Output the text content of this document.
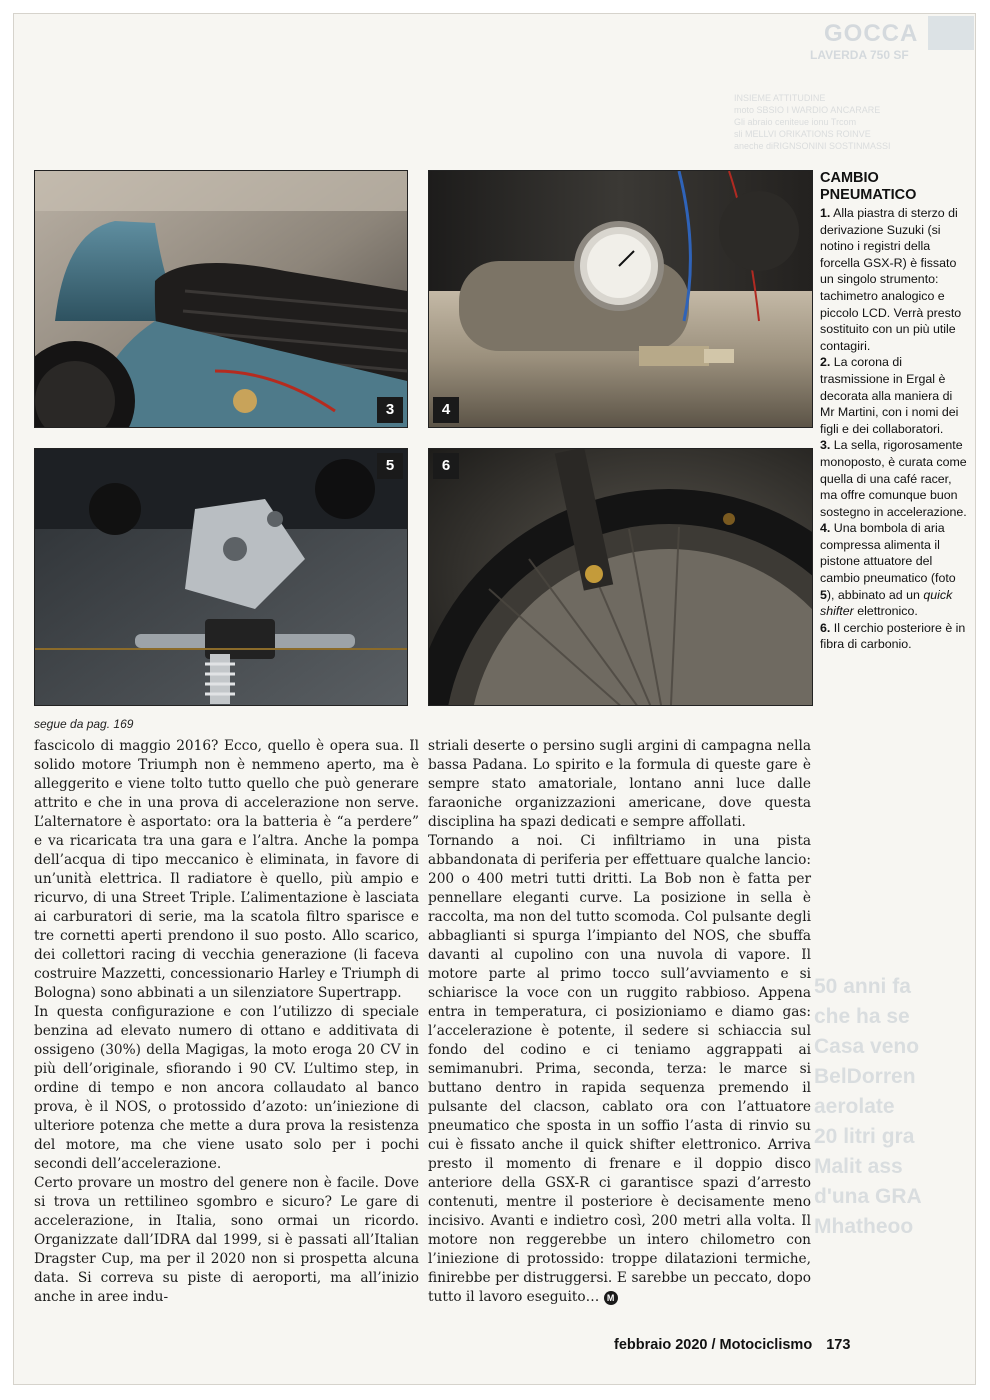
GOCCA
LAVERDA 750 SF
INSIEME ATTITUDINE
moto SBSIO I WARDIO ANCARARE
Gli abraio ceniteue ionu Trcom
sli MELLVI ORIKATIONS ROINVE
aneche diRIGNSONINI SOSTINMASSI
50 anni fa
che ha se
Casa veno
BelDorren
aerolate
20 litri gra
Malit ass
d'una GRA
Mhatheoo
3	4
5	6
CAMBIO
PNEUMATICO

1. Alla piastra di sterzo di derivazione Suzuki (si notino i registri della forcella GSX-R) è fissato un singolo strumento: tachimetro analogico e piccolo LCD. Verrà presto sostituito con un più utile contagiri.

2. La corona di trasmissione in Ergal è decorata alla maniera di Mr Martini, con i nomi dei figli e dei collaboratori.

3. La sella, rigorosamente monoposto, è curata come quella di una café racer, ma offre comunque buon sostegno in accelerazione.

4. Una bombola di aria compressa alimenta il pistone attuatore del cambio pneumatico (foto 5), abbinato ad un quick shifter elettronico.

6. Il cerchio posteriore è in fibra di carbonio.

segue da pag. 169

fascicolo di maggio 2016? Ecco, quello è opera sua. Il solido motore Triumph non è nemmeno aperto, ma è alleggerito e viene tolto tutto quello che può generare attrito e che in una prova di accelerazione non serve. L’alternatore è asportato: ora la batteria è “a perdere” e va ricaricata tra una gara e l’altra. Anche la pompa dell’acqua di tipo meccanico è eliminata, in favore di un’unità elettrica. Il radiatore è quello, più ampio e ricurvo, di una Street Triple. L’alimentazione è lasciata ai carburatori di serie, ma la scatola filtro sparisce e tre cornetti aperti prendono il suo posto. Allo scarico, dei collettori racing di vecchia generazione (li faceva costruire Mazzetti, concessionario Harley e Triumph di Bologna) sono abbinati a un silenziatore Supertrapp.

In questa configurazione e con l’utilizzo di speciale benzina ad elevato numero di ottano e additivata di ossigeno (30%) della Magigas, la moto eroga 20 CV in più dell’originale, sfiorando i 90 CV. L’ultimo step, in ordine di tempo e non ancora collaudato al banco prova, è il NOS, o protossido d’azoto: un’iniezione di ulteriore potenza che mette a dura prova la resistenza del motore, ma che viene usato solo per i pochi secondi dell’accelerazione.

Certo provare un mostro del genere non è facile. Dove si trova un rettilineo sgombro e sicuro? Le gare di accelerazione, in Italia, sono ormai un ricordo. Organizzate dall’IDRA dal 1999, si è passati all’Italian Dragster Cup, ma per il 2020 non si prospetta alcuna data. Si correva su piste di aeroporti, ma all’inizio anche in aree indu-

striali deserte o persino sugli argini di campagna nella bassa Padana. Lo spirito e la formula di queste gare è sempre stato amatoriale, lontano anni luce dalle faraoniche organizzazioni americane, dove questa disciplina ha spazi dedicati e sempre affollati.

Tornando a noi. Ci infiltriamo in una pista abbandonata di periferia per effettuare qualche lancio: 200 o 400 metri tutti dritti. La Bob non è fatta per pennellare eleganti curve. La posizione in sella è raccolta, ma non del tutto scomoda. Col pulsante degli abbaglianti si spurga l’impianto del NOS, che sbuffa davanti al cupolino con una nuvola di vapore. Il motore parte al primo tocco sull’avviamento e si schiarisce la voce con un ruggito rabbioso. Appena entra in temperatura, ci posizioniamo e diamo gas: l’accelerazione è potente, il sedere si schiaccia sul fondo del codino e ci teniamo aggrappati ai semimanubri. Prima, seconda, terza: le marce si buttano dentro in rapida sequenza premendo il pulsante del clacson, cablato ora con l’attuatore pneumatico che sposta in un soffio l’asta di rinvio su cui è fissato anche il quick shifter elettronico. Arriva presto il momento di frenare e il doppio disco anteriore della GSX-R ci garantisce spazi d’arresto contenuti, mentre il posteriore è decisamente meno incisivo. Avanti e indietro così, 200 metri alla volta. Il motore non reggerebbe un intero chilometro con l’iniezione di protossido: troppe dilatazioni termiche, finirebbe per distruggersi. E sarebbe un peccato, dopo tutto il lavoro eseguito… M

febbraio 2020 / Motociclismo 173
